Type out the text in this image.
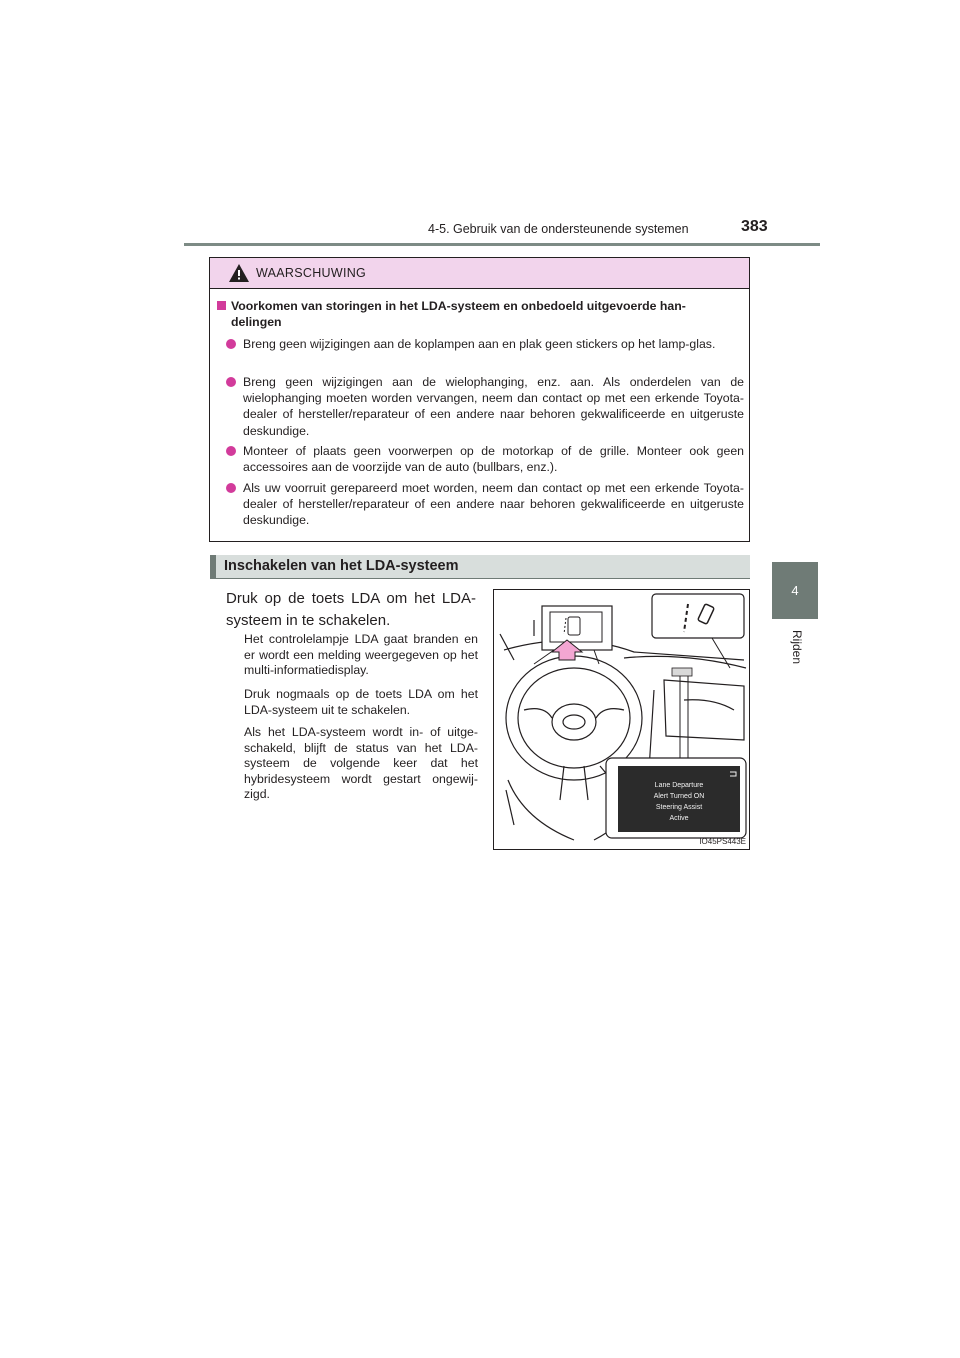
4-5. Gebruik van de ondersteunende systemen	383
4
Rijden
WAARSCHUWING
Voorkomen van storingen in het LDA-systeem en onbedoeld uitgevoerde han-
delingen
Breng geen wijzigingen aan de koplampen aan en plak geen stickers op het lamp-glas.
Breng geen wijzigingen aan de wielophanging, enz. aan. Als onderdelen van de wielophanging moeten worden vervangen, neem dan contact op met een erkende Toyota-dealer of hersteller/reparateur of een andere naar behoren gekwalificeerde en uitgeruste deskundige.
Monteer of plaats geen voorwerpen op de motorkap of de grille. Monteer ook geen accessoires aan de voorzijde van de auto (bullbars, enz.).
Als uw voorruit gerepareerd moet worden, neem dan contact op met een erkende Toyota-dealer of hersteller/reparateur of een andere naar behoren gekwalificeerde en uitgeruste deskundige.
Inschakelen van het LDA-systeem
Druk op de toets LDA om het LDA-systeem in te schakelen.
Het controlelampje LDA gaat branden en er wordt een melding weergegeven op het multi-informatiedisplay.
Druk nogmaals op de toets LDA om het LDA-systeem uit te schakelen.
Als het LDA-systeem wordt in- of uitge-schakeld, blijft de status van het LDA-systeem de volgende keer dat het hybridesysteem wordt gestart ongewij-zigd.
Lane Departure
Alert Turned ON
Steering Assist
Active
IO45PS443E
